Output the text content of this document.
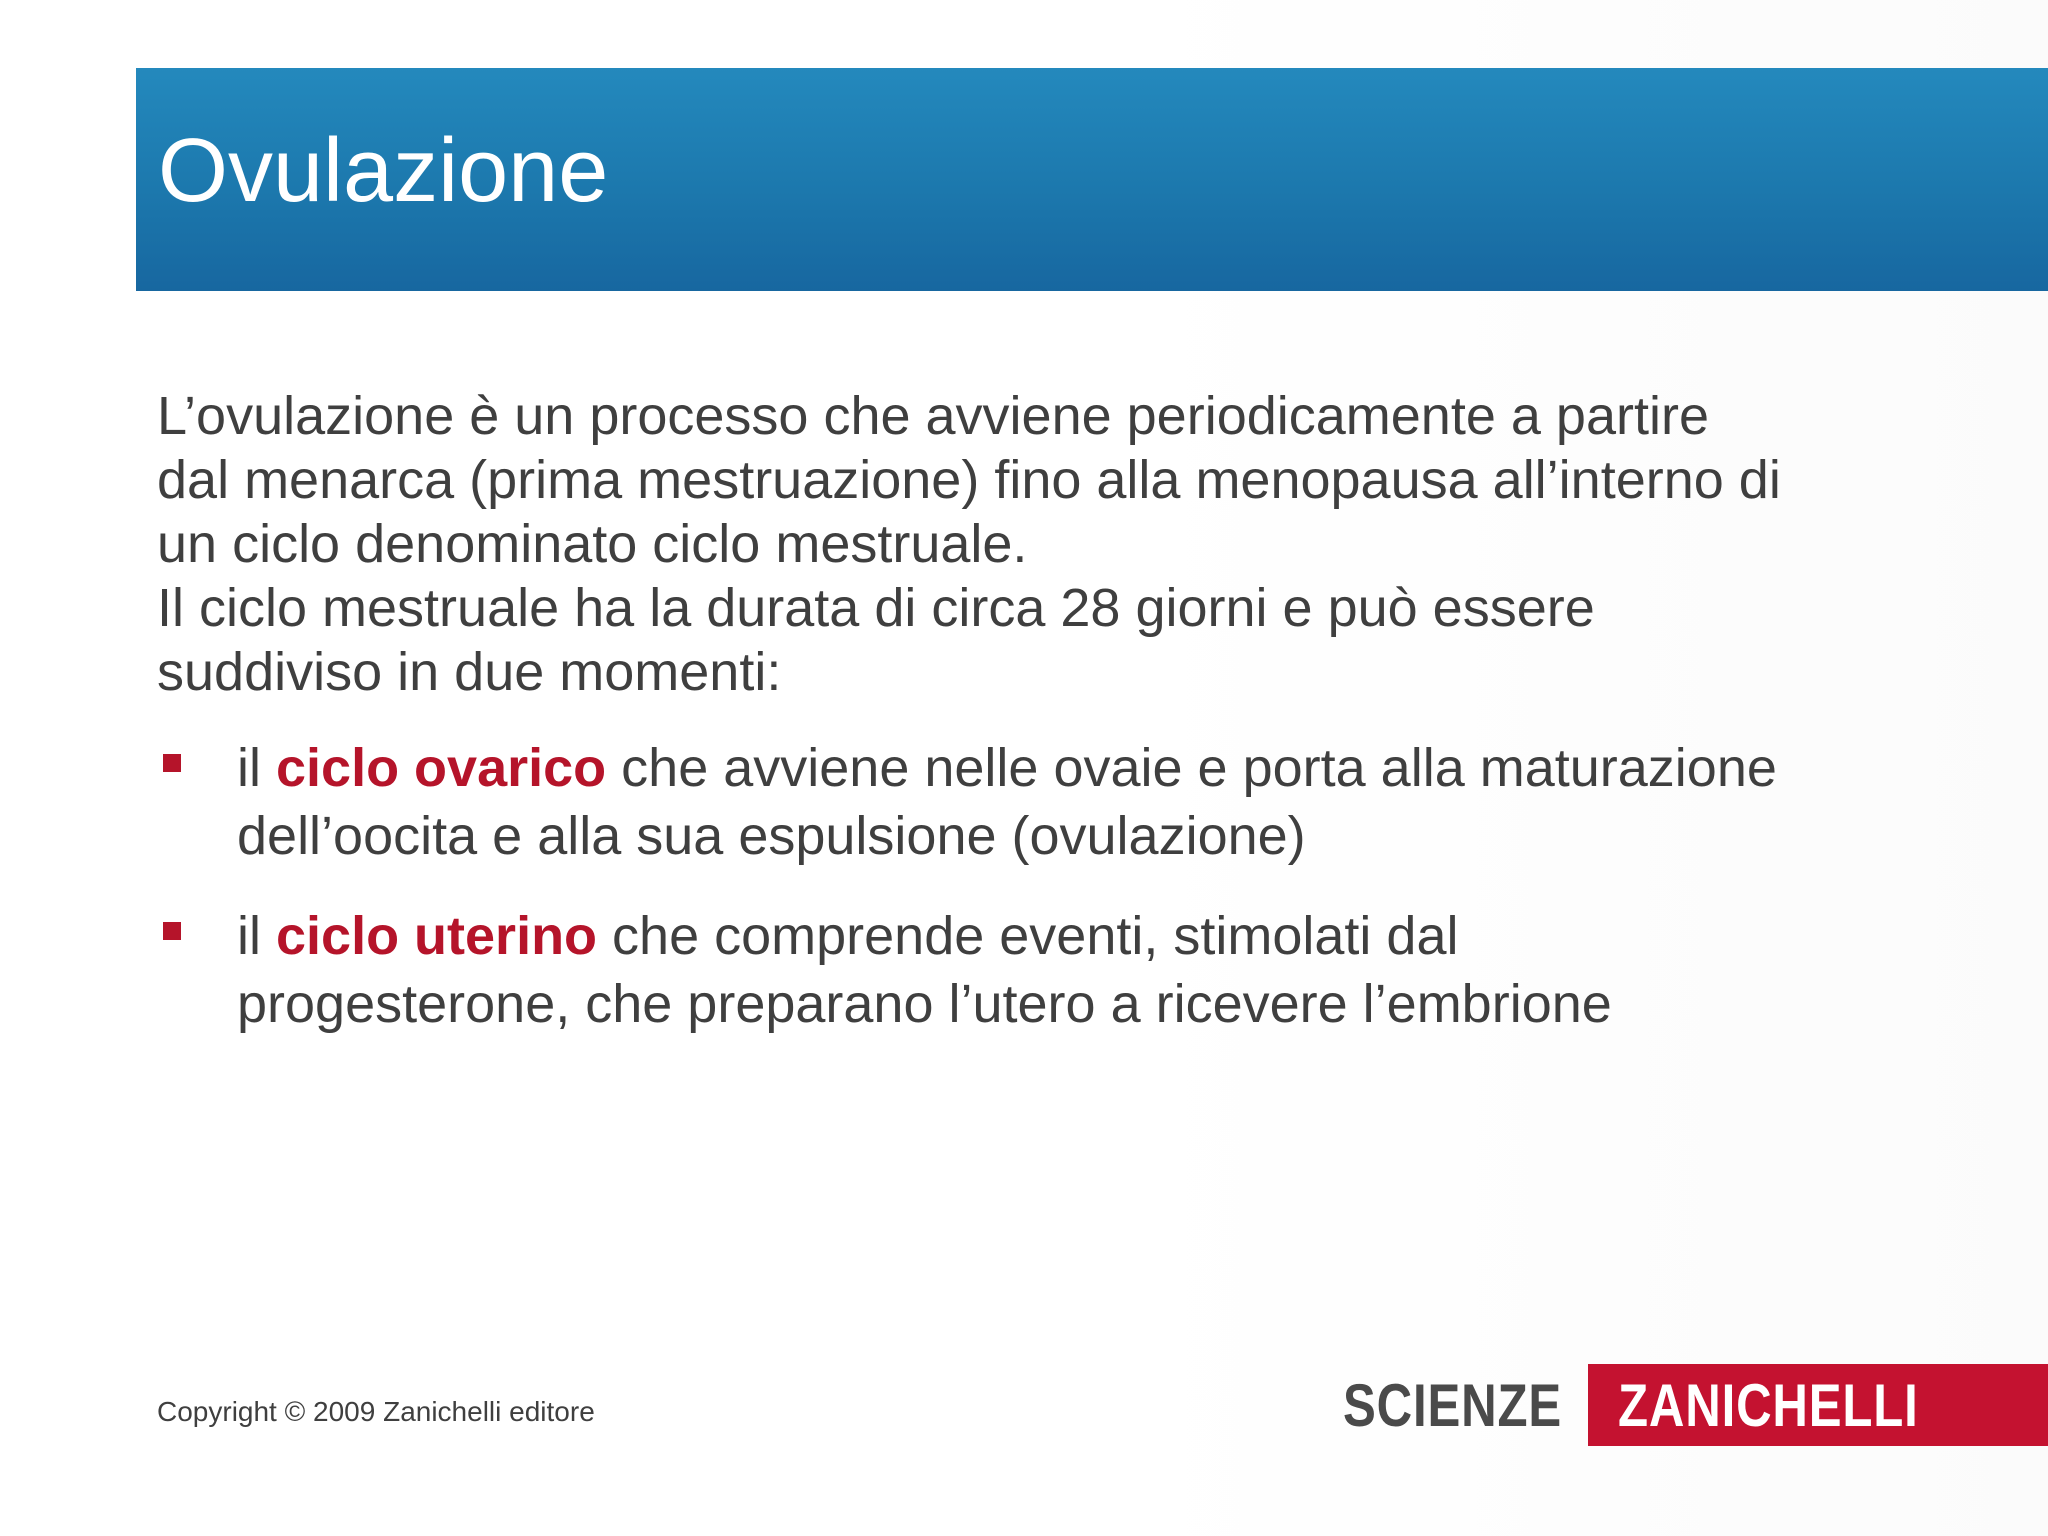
Ovulazione

L’ovulazione è un processo che avviene periodicamente a partire
dal menarca (prima mestruazione) fino alla menopausa all’interno di
un ciclo denominato ciclo mestruale.
Il ciclo mestruale ha la durata di circa 28 giorni e può essere
suddiviso in due momenti:

il ciclo ovarico che avviene nelle ovaie e porta alla maturazione
dell’oocita e alla sua espulsione (ovulazione)
il ciclo uterino che comprende eventi, stimolati dal
progesterone, che preparano l’utero a ricevere l’embrione
Copyright © 2009 Zanichelli editore	SCIENZE ZANICHELLI
